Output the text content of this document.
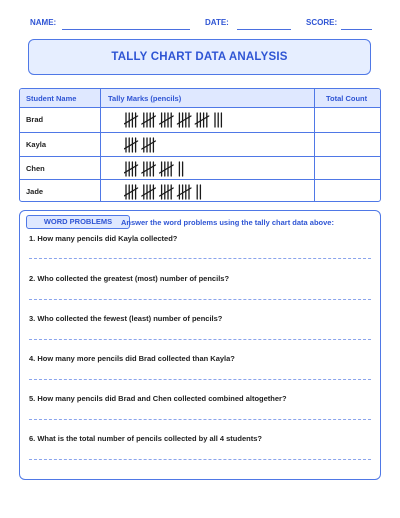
NAME:	DATE:	SCORE:
TALLY CHART DATA ANALYSIS
Student Name	Tally Marks (pencils)	Total Count
Brad
Kayla
Chen
Jade
WORD PROBLEMS	Answer the word problems using the tally chart data above:
1. How many pencils did Kayla collected?
2. Who collected the greatest (most) number of pencils?
3. Who collected the fewest (least) number of pencils?
4. How many more pencils did Brad collected than Kayla?
5. How many pencils did Brad and Chen collected combined altogether?
6. What is the total number of pencils collected by all 4 students?
